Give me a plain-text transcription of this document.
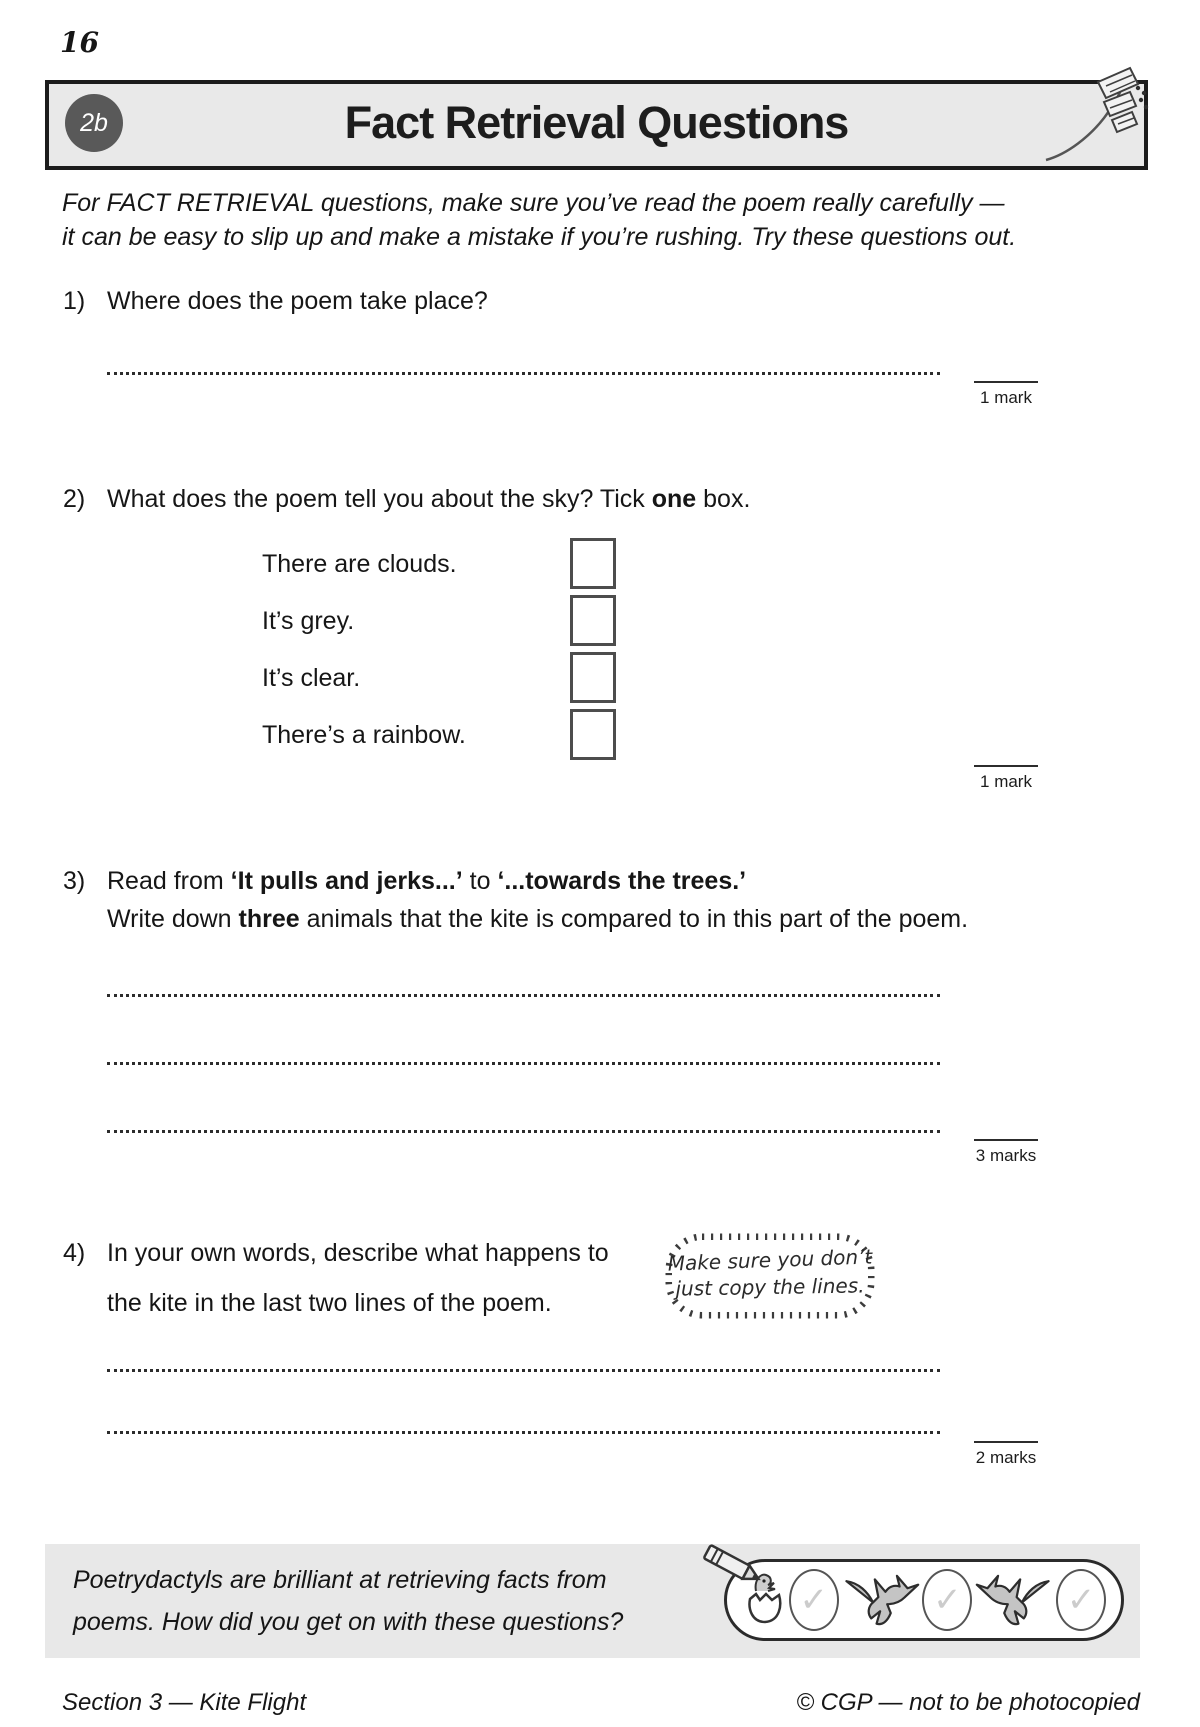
16
2b	Fact Retrieval Questions
For FACT RETRIEVAL questions, make sure you’ve read the poem really carefully —
it can be easy to slip up and make a mistake if you’re rushing. Try these questions out.
1) Where does the poem take place?
1 mark
2) What does the poem tell you about the sky? Tick one box.
There are clouds.
It’s grey.
It’s clear.
There’s a rainbow.
1 mark
3) Read from ‘It pulls and jerks...’ to ‘...towards the trees.’
Write down three animals that the kite is compared to in this part of the poem.
3 marks
4) In your own words, describe what happens to
the kite in the last two lines of the poem.
Make sure you don’t
just copy the lines.
2 marks
Poetrydactyls are brilliant at retrieving facts from
poems. How did you get on with these questions?
✓	✓	✓
Section 3 — Kite Flight	© CGP — not to be photocopied
